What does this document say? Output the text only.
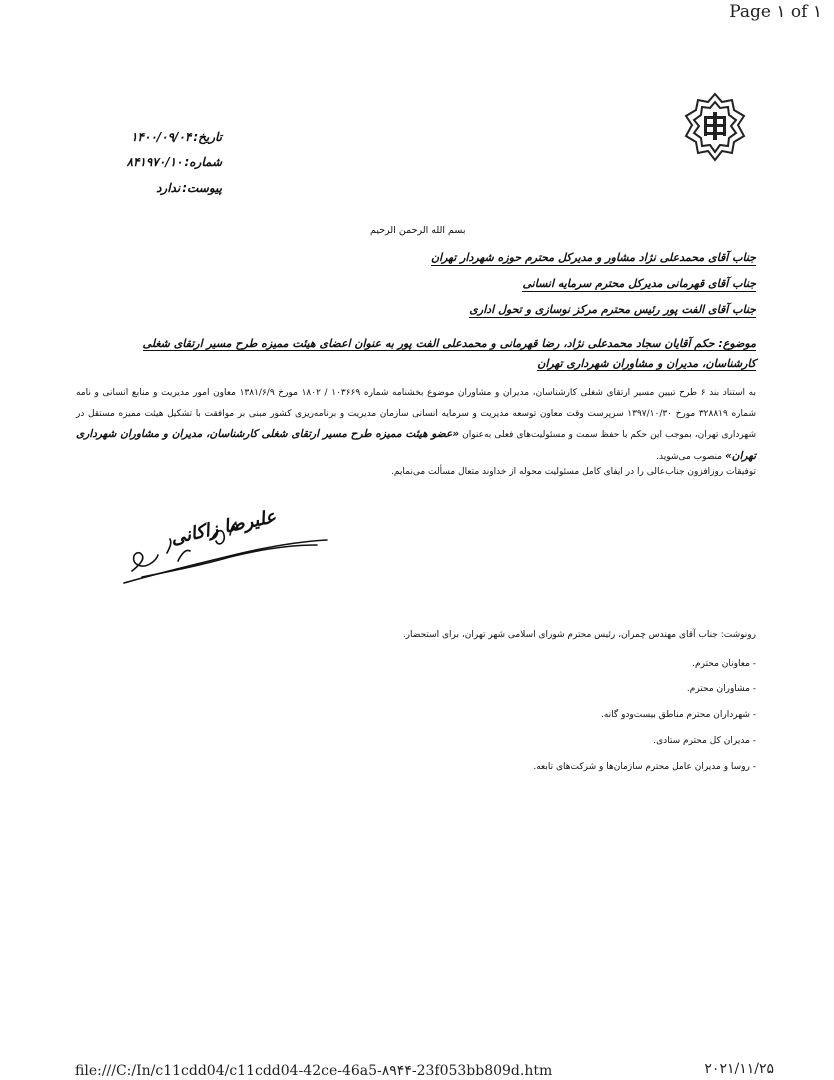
Page ١ of ١
تاریخ:۱۴۰۰/۰۹/۰۴
شماره:۸۴۱۹۷۰/۱۰
پیوست:ندارد
بسم الله الرحمن الرحیم
جناب آقای محمدعلی نژاد مشاور و مدیرکل محترم حوزه شهردار تهران
جناب آقای قهرمانی مدیرکل محترم سرمایه انسانی
جناب آقای الفت پور رئیس محترم مرکز نوسازی و تحول اداری
موضوع: حکم آقایان سجاد محمدعلی نژاد، رضا قهرمانی و محمدعلی الفت پور به عنوان اعضای هیئت ممیزه طرح مسیر ارتقای شغلی
کارشناسان، مدیران و مشاوران شهرداری تهران
به استناد بند ۶ طرح تبیین مسیر ارتقای شغلی کارشناسان، مدیران و مشاوران موضوع بخشنامه شماره ۱۰۳۶۶۹ / ۱۸۰۲ مورخ ۱۳۸۱/۶/۹ معاون امور مدیریت و منابع انسانی و نامه شماره ۳۲۸۸۱۹ مورخ ۱۳۹۷/۱۰/۳۰ سرپرست وقت معاون توسعه مدیریت و سرمایه انسانی سازمان مدیریت و برنامه‌ریزی کشور مبنی بر موافقت با تشکیل هیئت ممیزه مستقل در شهرداری تهران، بموجب این حکم با حفظ سمت و مسئولیت‌های فعلی به‌عنوان «عضو هیئت ممیزه طرح مسیر ارتقای شغلی کارشناسان، مدیران و مشاوران شهرداری تهران» منصوب می‌شوید.
توفیقات روزافزون جناب‌عالی را در ایفای کامل مسئولیت محوله از خداوند متعال مسألت می‌نمایم.
علیرضا زاکانی
رونوشت: جناب آقای مهندس چمران، رئیس محترم شورای اسلامی شهر تهران، برای استحضار.
- معاونان محترم.
- مشاوران محترم.
- شهرداران محترم مناطق بیست‌و‌دو گانه.
- مدیران کل محترم ستادی.
- روسا و مدیران عامل محترم سازمان‌ها و شرکت‌های تابعه.
file:///C:/In/c11cdd04/c11cdd04-42ce-46a5-۸۹۴۴-23f053bb809d.htm	۲۰۲۱/۱۱/۲۵
